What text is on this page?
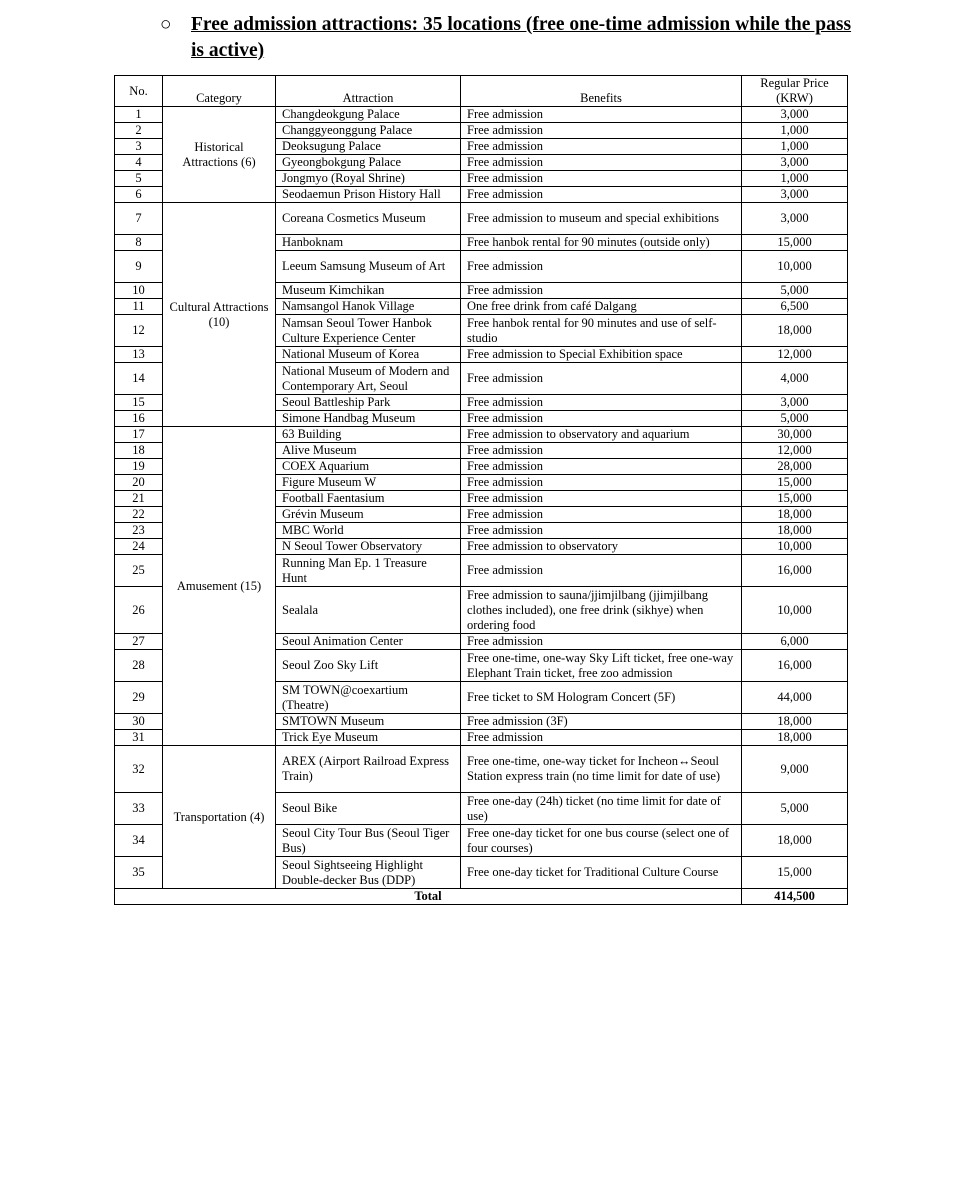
○ Free admission attractions: 35 locations (free one-time admission while the pass is active)
No.	Category	Attraction	Benefits	Regular Price (KRW)
1	Historical Attractions (6)	Changdeokgung Palace	Free admission	3,000
2		Changgyeonggung Palace	Free admission	1,000
3		Deoksugung Palace	Free admission	1,000
4		Gyeongbokgung Palace	Free admission	3,000
5		Jongmyo (Royal Shrine)	Free admission	1,000
6		Seodaemun Prison History Hall	Free admission	3,000
7	Cultural Attractions (10)	Coreana Cosmetics Museum	Free admission to museum and special exhibitions	3,000
8		Hanboknam	Free hanbok rental for 90 minutes (outside only)	15,000
9		Leeum Samsung Museum of Art	Free admission	10,000
10		Museum Kimchikan	Free admission	5,000
11		Namsangol Hanok Village	One free drink from café Dalgang	6,500
12		Namsan Seoul Tower Hanbok Culture Experience Center	Free hanbok rental for 90 minutes and use of self-studio	18,000
13		National Museum of Korea	Free admission to Special Exhibition space	12,000
14		National Museum of Modern and Contemporary Art, Seoul	Free admission	4,000
15		Seoul Battleship Park	Free admission	3,000
16		Simone Handbag Museum	Free admission	5,000
17	Amusement (15)	63 Building	Free admission to observatory and aquarium	30,000
18		Alive Museum	Free admission	12,000
19		COEX Aquarium	Free admission	28,000
20		Figure Museum W	Free admission	15,000
21		Football Faentasium	Free admission	15,000
22		Grévin Museum	Free admission	18,000
23		MBC World	Free admission	18,000
24		N Seoul Tower Observatory	Free admission to observatory	10,000
25		Running Man Ep. 1 Treasure Hunt	Free admission	16,000
26		Sealala	Free admission to sauna/jjimjilbang (jjimjilbang clothes included), one free drink (sikhye) when ordering food	10,000
27		Seoul Animation Center	Free admission	6,000
28		Seoul Zoo Sky Lift	Free one-time, one-way Sky Lift ticket, free one-way Elephant Train ticket, free zoo admission	16,000
29		SM TOWN@coexartium (Theatre)	Free ticket to SM Hologram Concert (5F)	44,000
30		SMTOWN Museum	Free admission (3F)	18,000
31		Trick Eye Museum	Free admission	18,000
32	Transportation (4)	AREX (Airport Railroad Express Train)	Free one-time, one-way ticket for Incheon↔Seoul Station express train (no time limit for date of use)	9,000
33		Seoul Bike	Free one-day (24h) ticket (no time limit for date of use)	5,000
34		Seoul City Tour Bus (Seoul Tiger Bus)	Free one-day ticket for one bus course (select one of four courses)	18,000
35		Seoul Sightseeing Highlight Double-decker Bus (DDP)	Free one-day ticket for Traditional Culture Course	15,000
Total				414,500
